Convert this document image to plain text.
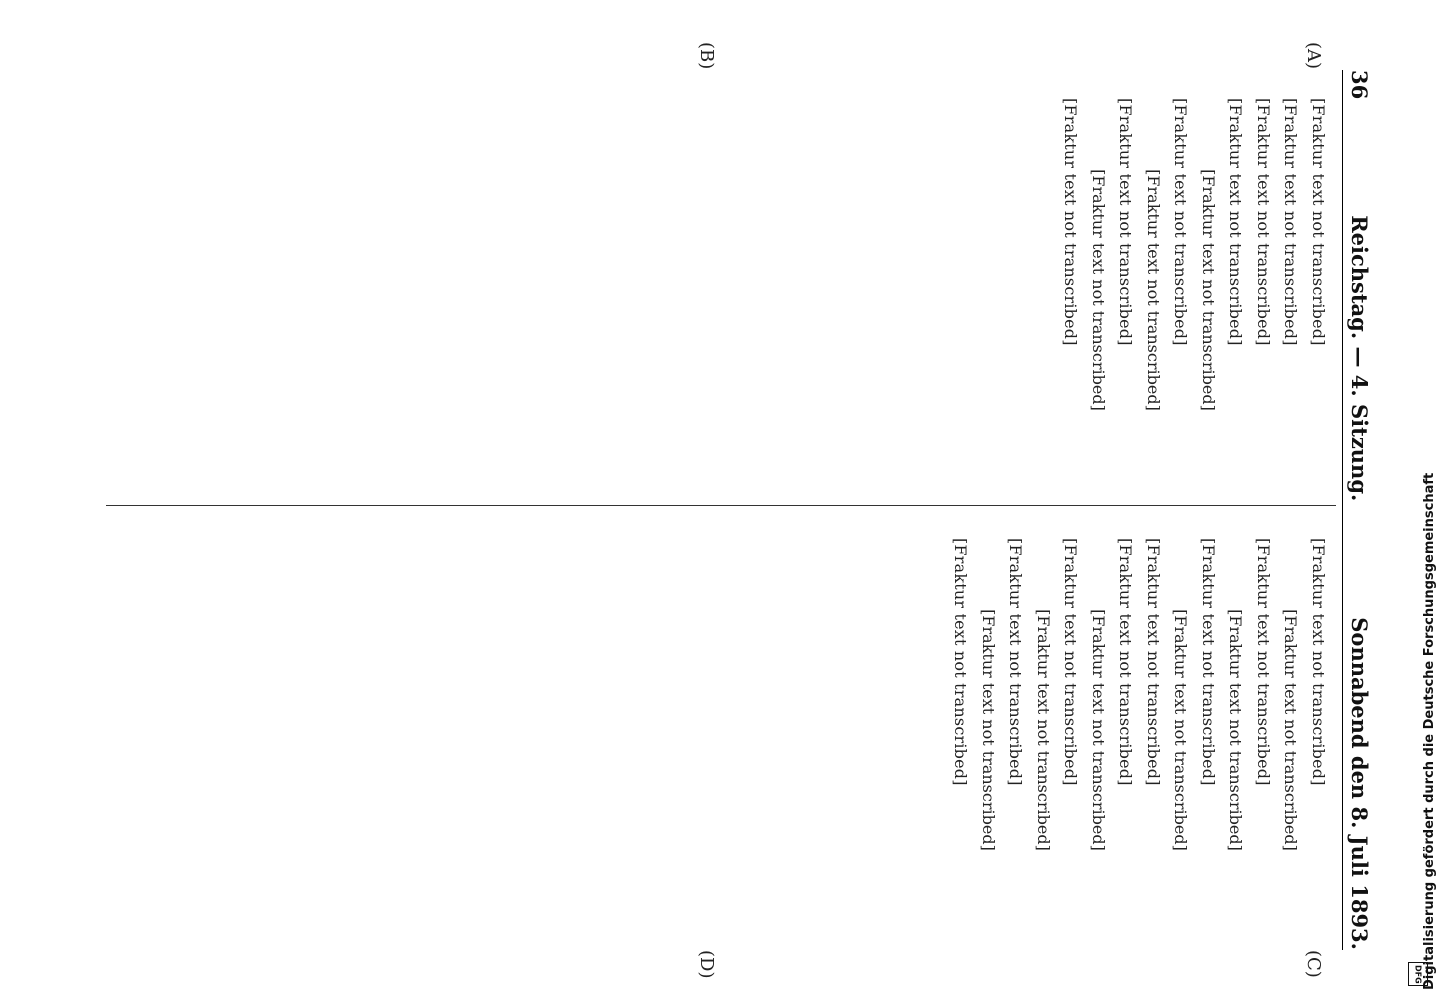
36
Reichstag. — 4. Sitzung.
Sonnabend den 8. Juli 1893.
(A)
(B)
(C)
(D)

[Fraktur text not transcribed]

[Fraktur text not transcribed]

[Fraktur text not transcribed]

[Fraktur text not transcribed]

[Fraktur text not transcribed]

[Fraktur text not transcribed]

[Fraktur text not transcribed]

[Fraktur text not transcribed]

[Fraktur text not transcribed]

[Fraktur text not transcribed]

[Fraktur text not transcribed]

[Fraktur text not transcribed]

[Fraktur text not transcribed]

[Fraktur text not transcribed]

[Fraktur text not transcribed]

[Fraktur text not transcribed]

[Fraktur text not transcribed]

[Fraktur text not transcribed]

[Fraktur text not transcribed]

[Fraktur text not transcribed]

[Fraktur text not transcribed]

[Fraktur text not transcribed]

[Fraktur text not transcribed]

[Fraktur text not transcribed]	Digitalisierung gefördert durch die Deutsche Forschungsgemeinschaft
DFG
